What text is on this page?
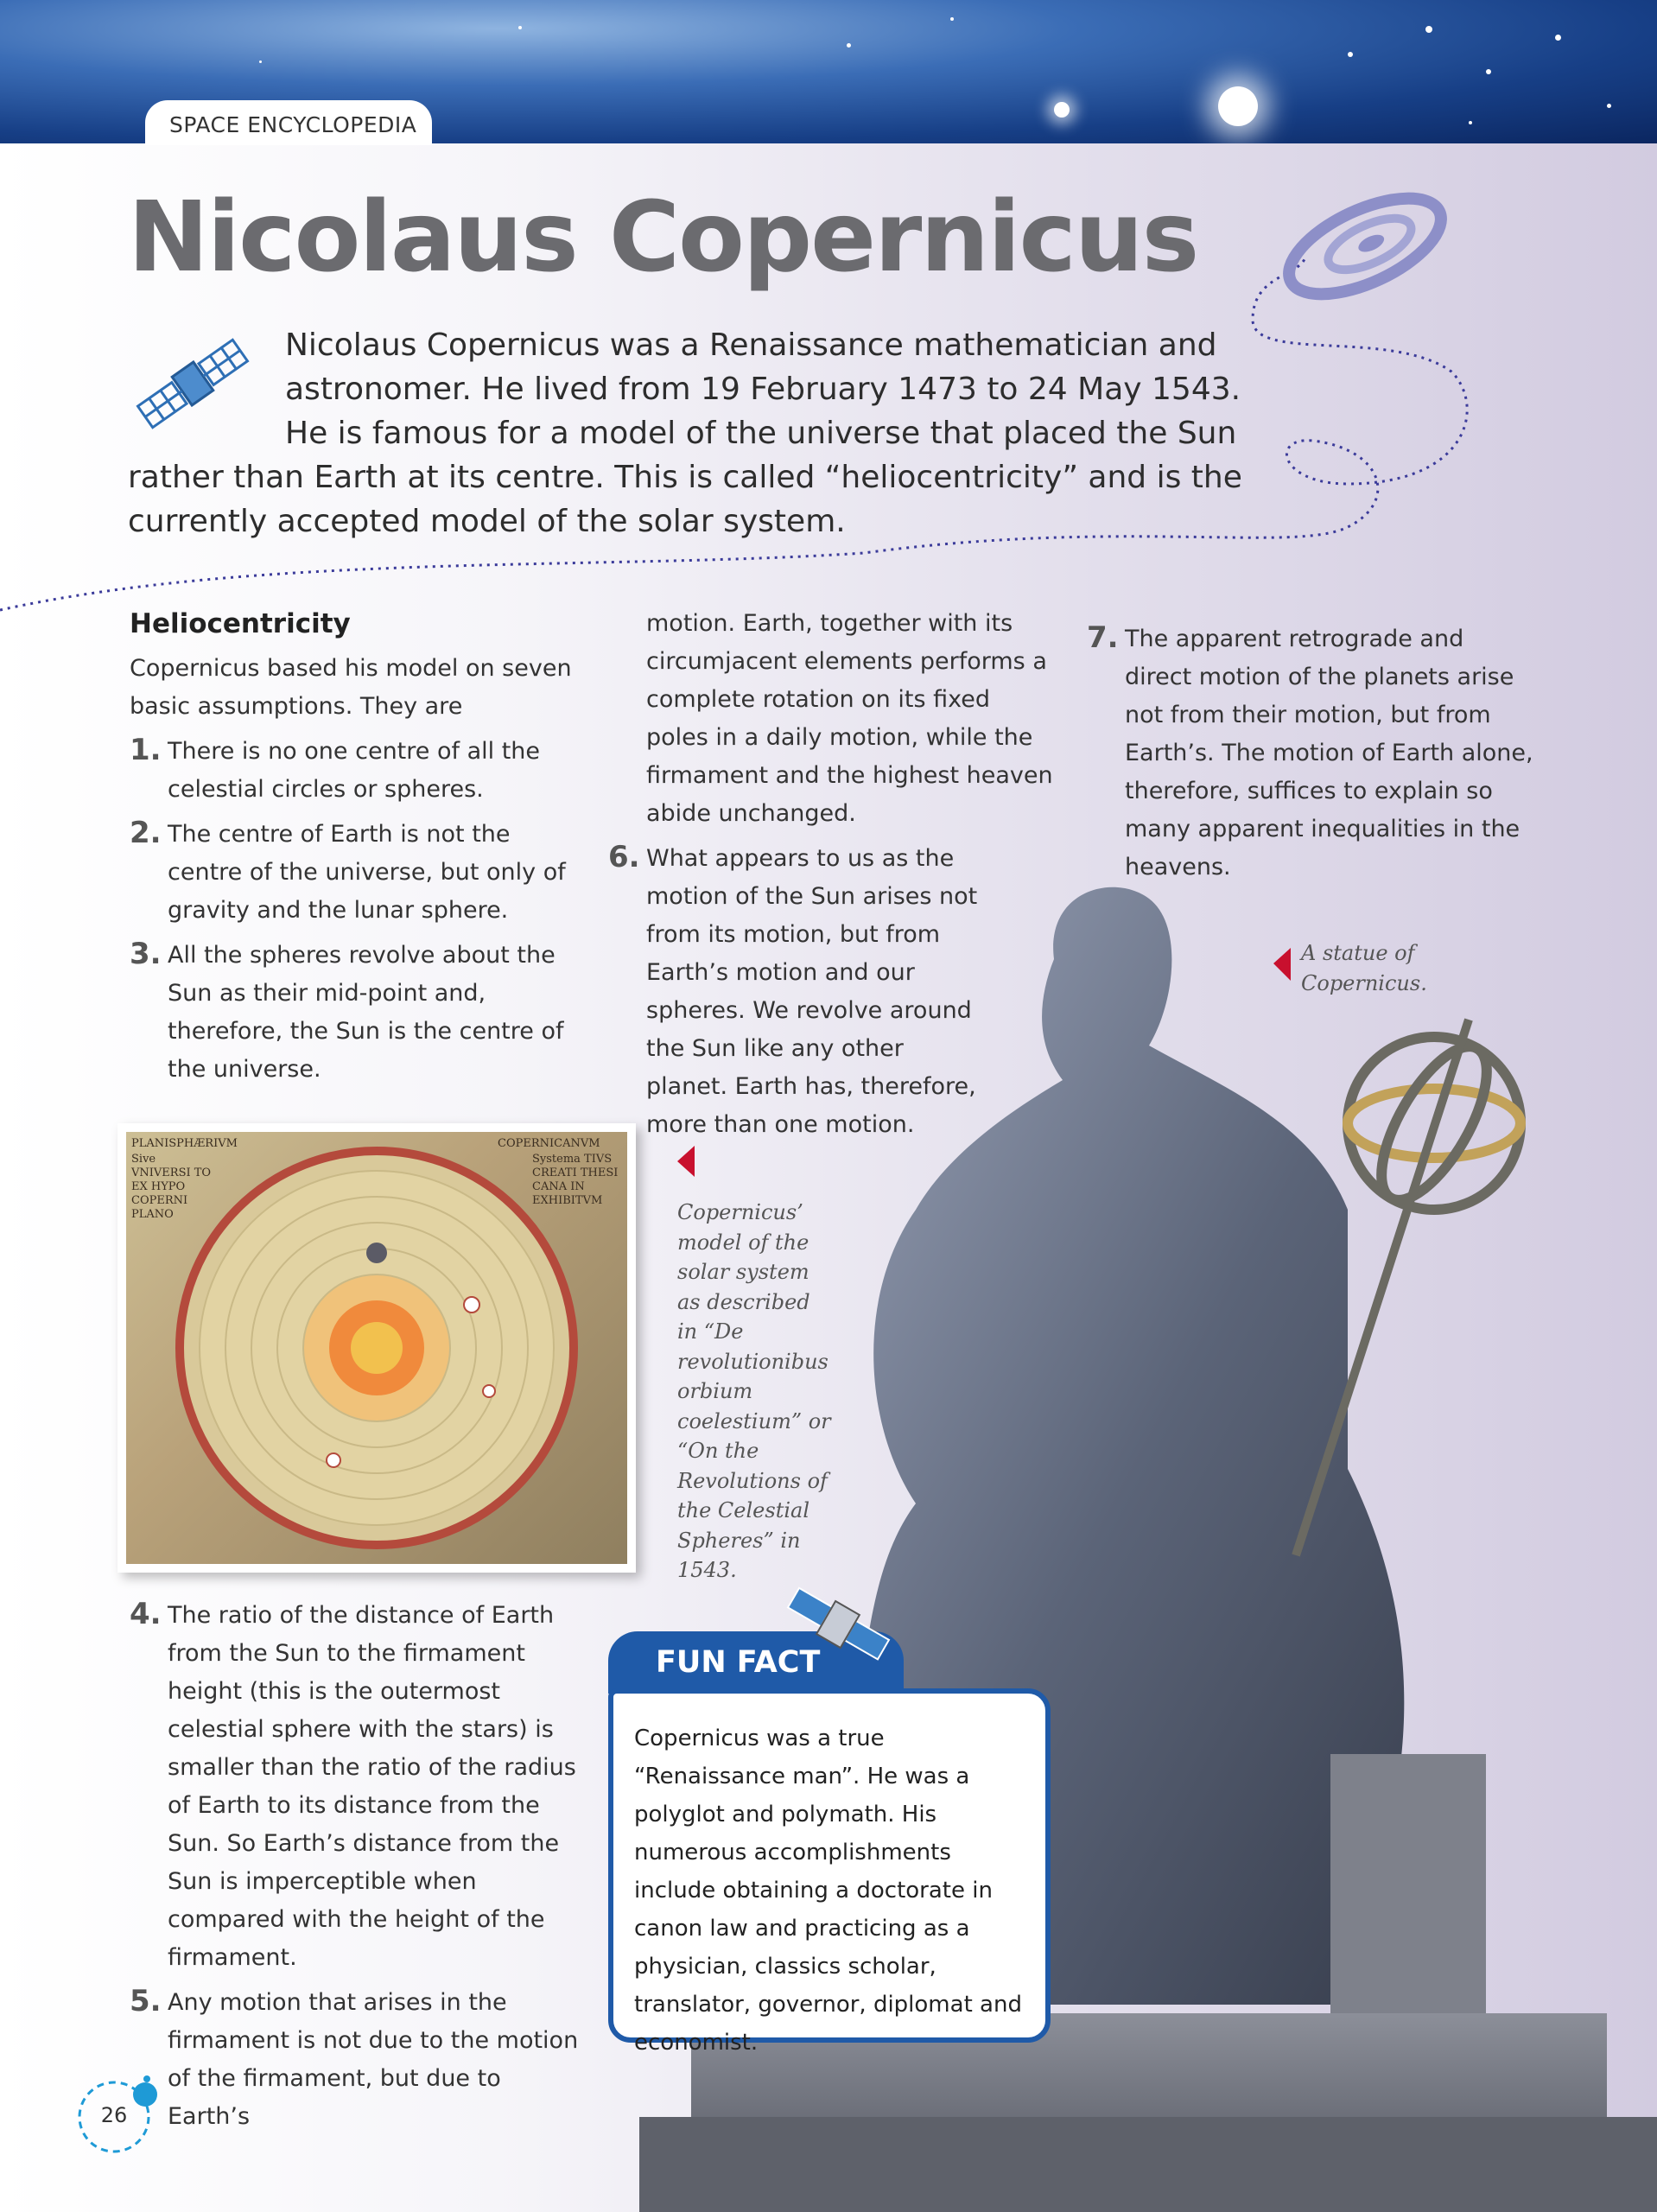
SPACE ENCYCLOPEDIA
Nicolaus Copernicus
Nicolaus Copernicus was a Renaissance mathematician and astronomer. He lived from 19 February 1473 to 24 May 1543. He is famous for a model of the universe that placed the Sun rather than Earth at its centre. This is called “heliocentricity” and is the currently accepted model of the solar system.
Heliocentricity

Copernicus based his model on seven basic assumptions. They are

1. There is no one centre of all the celestial circles or spheres.
2. The centre of Earth is not the centre of the universe, but only of gravity and the lunar sphere.
3. All the spheres revolve about the Sun as their mid-point and, therefore, the Sun is the centre of the universe.
PLANISPHÆRIVM
Sive VNIVERSI TO EX HYPO COPERNI PLANO
COPERNICANVM
Systema TIVS CREATI THESI CANA IN EXHIBITVM
4. The ratio of the distance of Earth from the Sun to the firmament height (this is the outermost celestial sphere with the stars) is smaller than the ratio of the radius of Earth to its distance from the Sun. So Earth’s distance from the Sun is imperceptible when compared with the height of the firmament.
5. Any motion that arises in the firmament is not due to the motion of the firmament, but due to Earth’s
motion. Earth, together with its circumjacent elements performs a complete rotation on its fixed poles in a daily motion, while the firmament and the highest heaven abide unchanged.
6. What appears to us as the motion of the Sun arises not from its motion, but from Earth’s motion and our spheres. We revolve around the Sun like any other planet. Earth has, therefore, more than one motion.
7. The apparent retrograde and direct motion of the planets arise not from their motion, but from Earth’s. The motion of Earth alone, therefore, suffices to explain so many apparent inequalities in the heavens.
Copernicus’ model of the solar system as described in “De revolutionibus orbium coelestium” or “On the Revolutions of the Celestial Spheres” in 1543.
A statue of Copernicus.
FUN FACT
Copernicus was a true “Renaissance man”. He was a polyglot and polymath. His numerous accomplishments include obtaining a doctorate in canon law and practicing as a physician, classics scholar, translator, governor, diplomat and economist.
26
